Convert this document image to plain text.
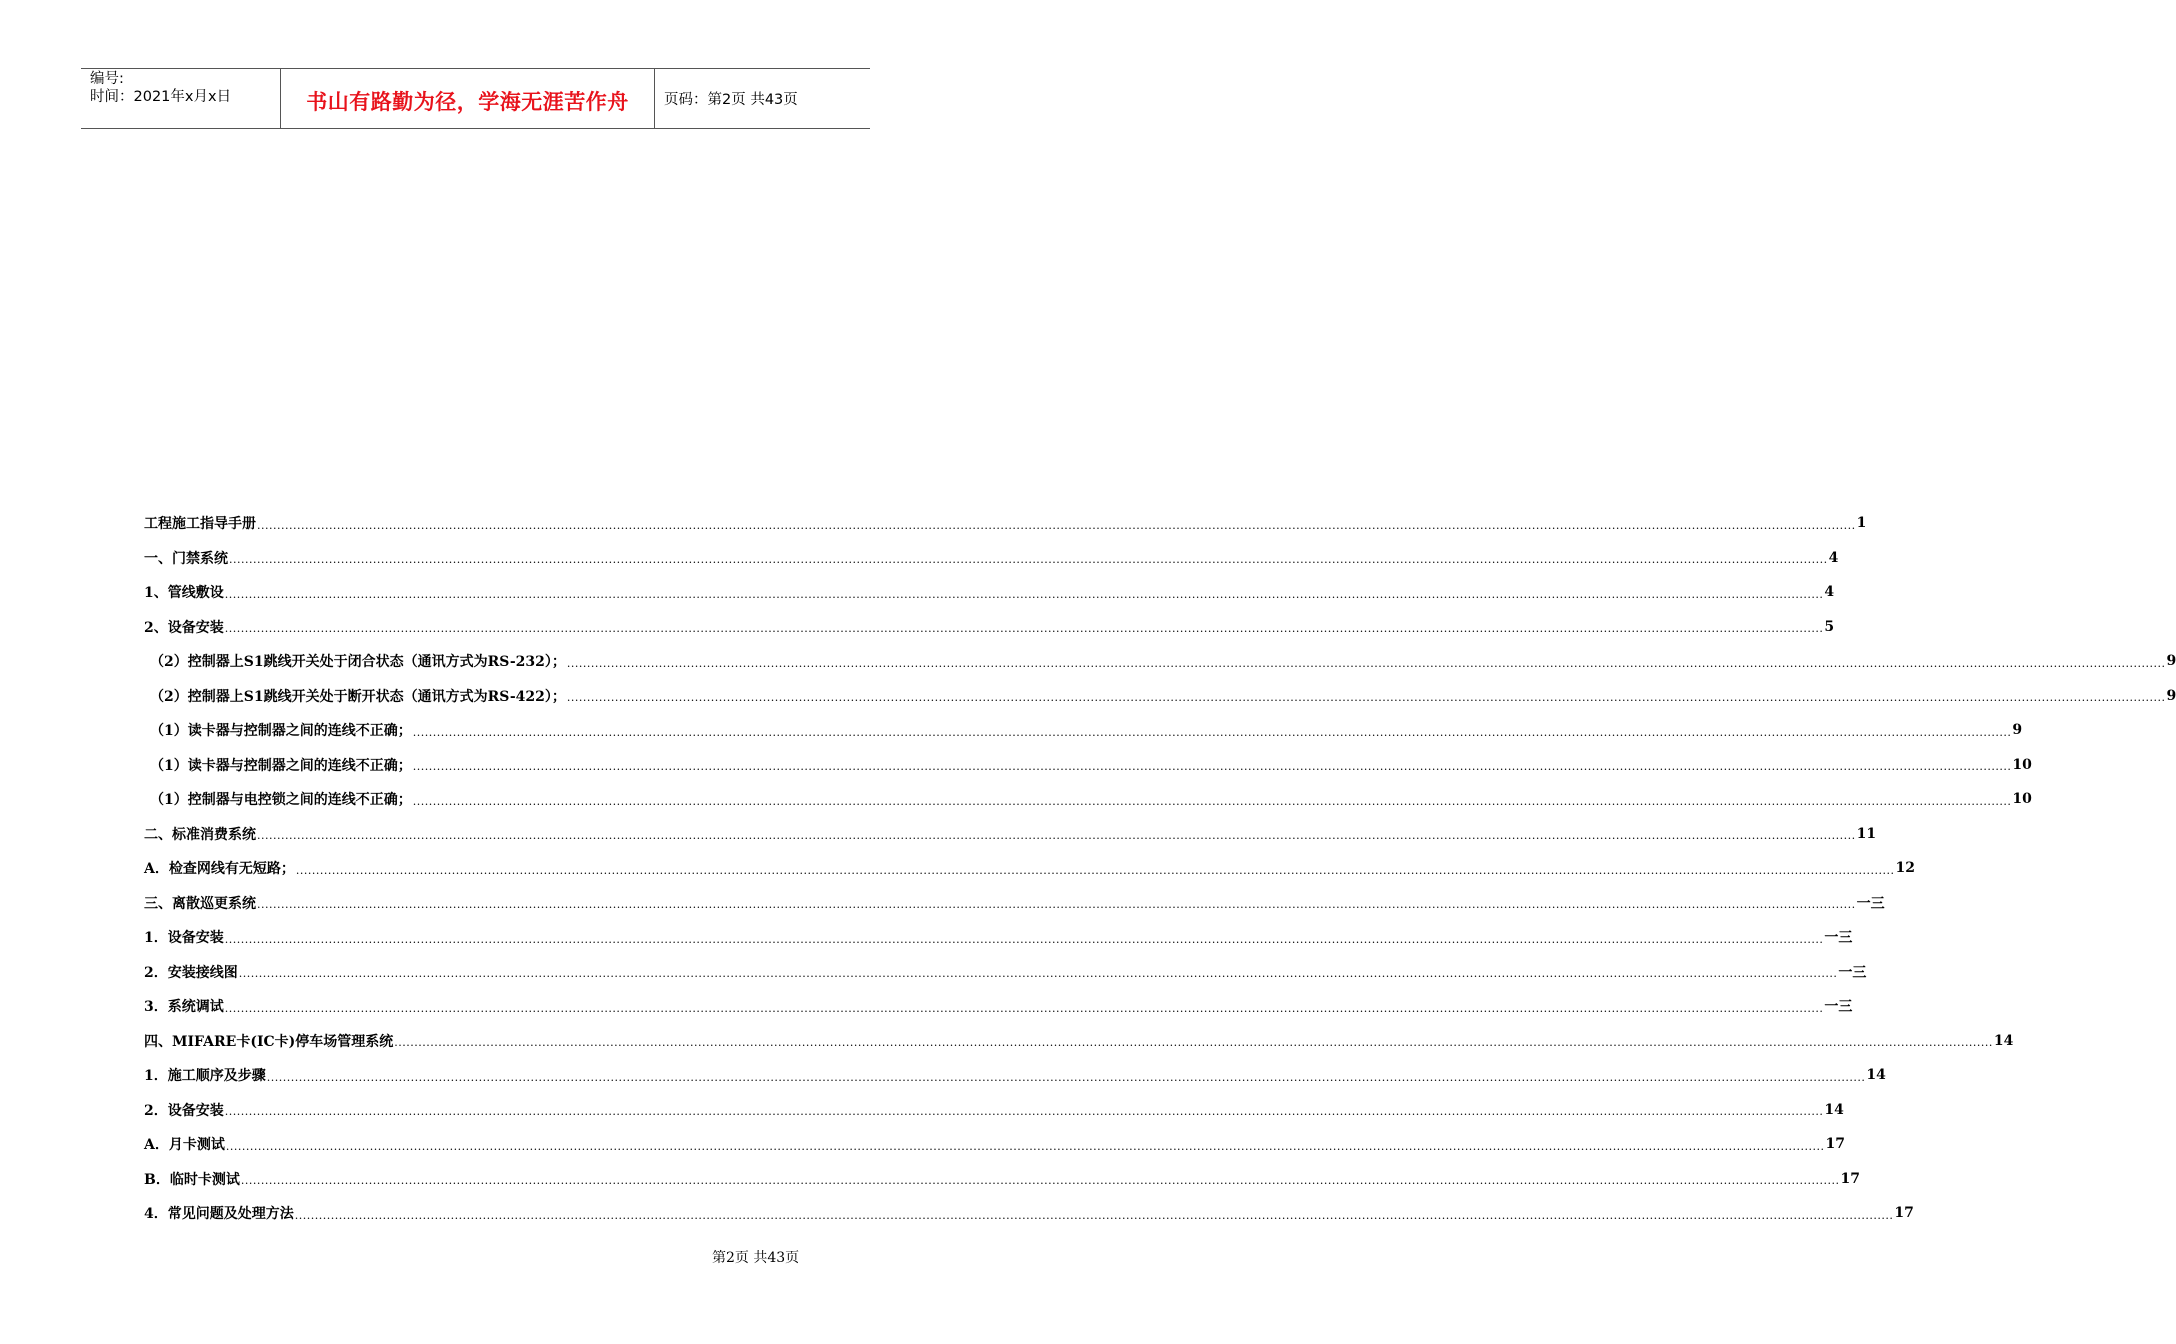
编号:
时间：2021年x月x日	书山有路勤为径，学海无涯苦作舟 页码：第2页 共43页
工程施工指导手册 ................................................................................................................................................................................................................................................................................................................................................................................................................ 1
一、门禁系统 ................................................................................................................................................................................................................................................................................................................................................................................................................ 4
1、管线敷设 ................................................................................................................................................................................................................................................................................................................................................................................................................ 4
2、设备安装 ................................................................................................................................................................................................................................................................................................................................................................................................................ 5
（2）控制器上S1跳线开关处于闭合状态（通讯方式为RS-232）； ................................................................................................................................................................................................................................................................................................................................................................................................................ 9
（2）控制器上S1跳线开关处于断开状态（通讯方式为RS-422）； ................................................................................................................................................................................................................................................................................................................................................................................................................ 9
（1）读卡器与控制器之间的连线不正确； ................................................................................................................................................................................................................................................................................................................................................................................................................ 9
（1）读卡器与控制器之间的连线不正确； ................................................................................................................................................................................................................................................................................................................................................................................................................ 10
（1）控制器与电控锁之间的连线不正确； ................................................................................................................................................................................................................................................................................................................................................................................................................ 10
二、标准消费系统 ................................................................................................................................................................................................................................................................................................................................................................................................................ 11
A．检查网线有无短路； ................................................................................................................................................................................................................................................................................................................................................................................................................ 12
三、离散巡更系统 ................................................................................................................................................................................................................................................................................................................................................................................................................ 一三
1．设备安装 ................................................................................................................................................................................................................................................................................................................................................................................................................ 一三
2．安装接线图 ................................................................................................................................................................................................................................................................................................................................................................................................................ 一三
3．系统调试 ................................................................................................................................................................................................................................................................................................................................................................................................................ 一三
四、MIFARE卡(IC卡)停车场管理系统 ................................................................................................................................................................................................................................................................................................................................................................................................................ 14
1．施工顺序及步骤 ................................................................................................................................................................................................................................................................................................................................................................................................................ 14
2．设备安装 ................................................................................................................................................................................................................................................................................................................................................................................................................ 14
A．月卡测试 ................................................................................................................................................................................................................................................................................................................................................................................................................ 17
B．临时卡测试 ................................................................................................................................................................................................................................................................................................................................................................................................................ 17
4．常见问题及处理方法 ................................................................................................................................................................................................................................................................................................................................................................................................................ 17
第2页 共43页
